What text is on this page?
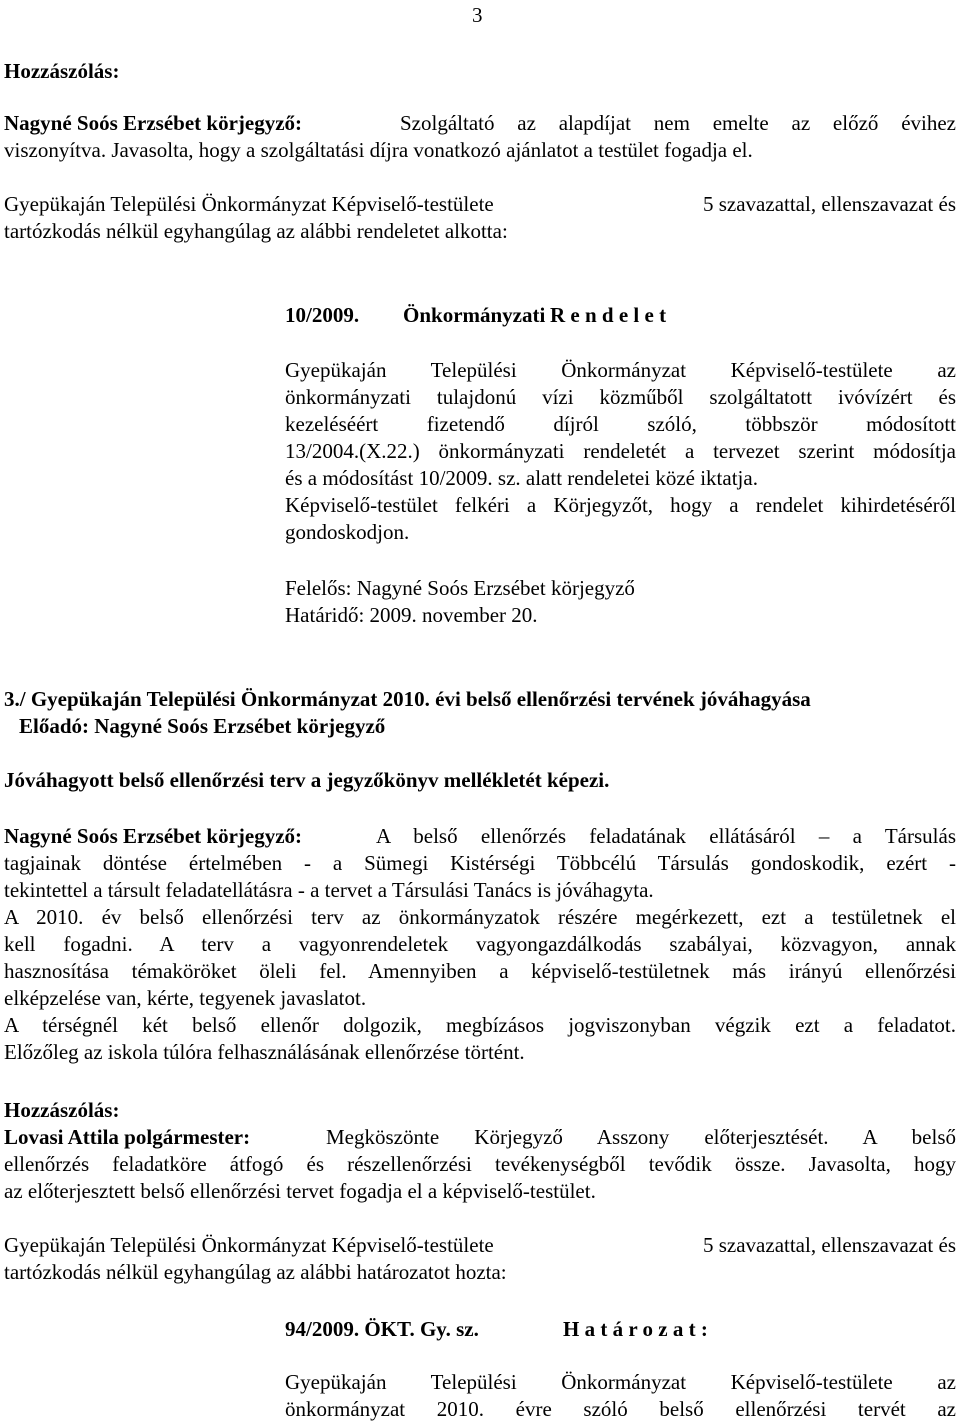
3
Hozzászólás:
Nagyné Soós Erzsébet körjegyző:	Szolgáltató az alapdíjat nem emelte az előző évihez
viszonyítva. Javasolta, hogy a szolgáltatási díjra vonatkozó ajánlatot a testület fogadja el.
Gyepükaján Települési Önkormányzat Képviselő-testülete	5 szavazattal, ellenszavazat és
tartózkodás nélkül egyhangúlag az alábbi rendeletet alkotta:
10/2009. Önkormányzati R e n d e l e t
Gyepükaján Települési Önkormányzat Képviselő-testülete az
önkormányzati tulajdonú vízi közműből szolgáltatott ivóvízért és
kezeléséért fizetendő díjról szóló, többször módosított
13/2004.(X.22.) önkormányzati rendeletét a tervezet szerint módosítja
és a módosítást 10/2009. sz. alatt rendeletei közé iktatja.
Képviselő-testület felkéri a Körjegyzőt, hogy a rendelet kihirdetéséről
gondoskodjon.
Felelős: Nagyné Soós Erzsébet körjegyző
Határidő: 2009. november 20.
3./ Gyepükaján Települési Önkormányzat 2010. évi belső ellenőrzési tervének jóváhagyása
Előadó: Nagyné Soós Erzsébet körjegyző
Jóváhagyott belső ellenőrzési terv a jegyzőkönyv mellékletét képezi.
Nagyné Soós Erzsébet körjegyző:	A belső ellenőrzés feladatának ellátásáról – a Társulás
tagjainak döntése értelmében - a Sümegi Kistérségi Többcélú Társulás gondoskodik, ezért -
tekintettel a társult feladatellátásra - a tervet a Társulási Tanács is jóváhagyta.
A 2010. év belső ellenőrzési terv az önkormányzatok részére megérkezett, ezt a testületnek el
kell fogadni. A terv a vagyonrendeletek vagyongazdálkodás szabályai, közvagyon, annak
hasznosítása témaköröket öleli fel. Amennyiben a képviselő-testületnek más irányú ellenőrzési
elképzelése van, kérte, tegyenek javaslatot.
A térségnél két belső ellenőr dolgozik, megbízásos jogviszonyban végzik ezt a feladatot.
Előzőleg az iskola túlóra felhasználásának ellenőrzése történt.
Hozzászólás:
Lovasi Attila polgármester:	Megköszönte Körjegyző Asszony előterjesztését. A belső
ellenőrzés feladatköre átfogó és részellenőrzési tevékenységből tevődik össze. Javasolta, hogy
az előterjesztett belső ellenőrzési tervet fogadja el a képviselő-testület.
Gyepükaján Települési Önkormányzat Képviselő-testülete	5 szavazattal, ellenszavazat és
tartózkodás nélkül egyhangúlag az alábbi határozatot hozta:
94/2009. ÖKT. Gy. sz.	H a t á r o z a t :
Gyepükaján Települési Önkormányzat Képviselő-testülete az
önkormányzat 2010. évre szóló belső ellenőrzési tervét az
